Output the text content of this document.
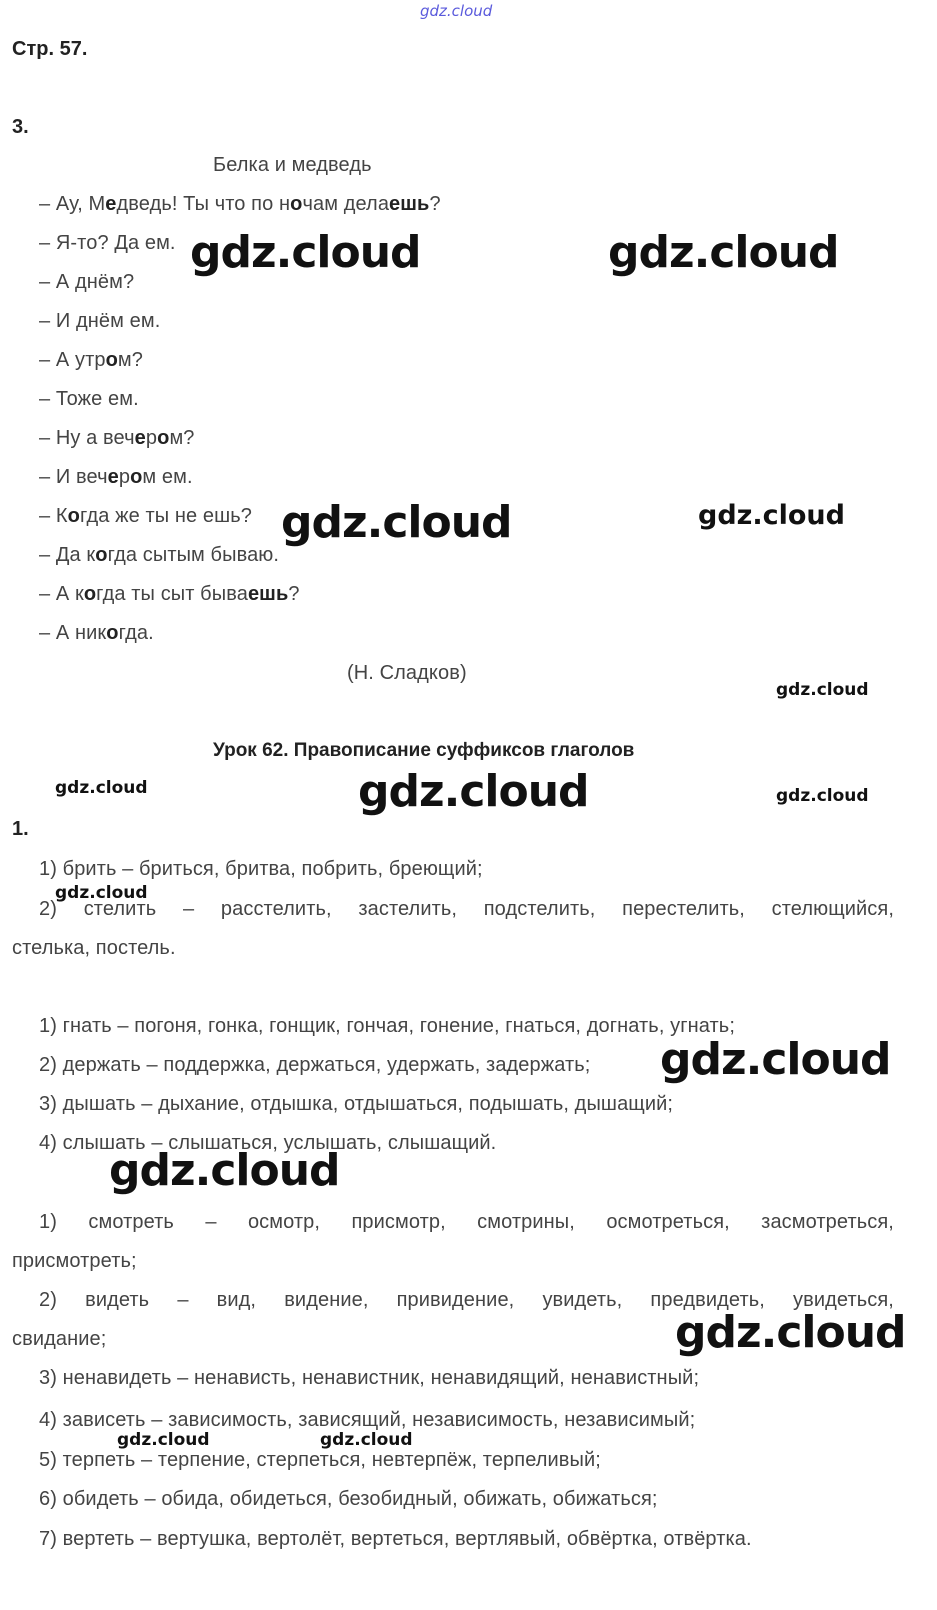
gdz.cloud
Стр. 57.
3.
Белка и медведь
– Ау, Медведь! Ты что по ночам делаешь?
– Я-то? Да ем.
– А днём?
– И днём ем.
– А утром?
– Тоже ем.
– Ну а вечером?
– И вечером ем.
– Когда же ты не ешь?
– Да когда сытым бываю.
– А когда ты сыт бываешь?
– А никогда.
(Н. Сладков)
Урок 62. Правописание суффиксов глаголов
1.
1) брить – бриться, бритва, побрить, бреющий;
2) стелить – расстелить, застелить, подстелить, перестелить, стелющийся,
стелька, постель.
1) гнать – погоня, гонка, гонщик, гончая, гонение, гнаться, догнать, угнать;
2) держать – поддержка, держаться, удержать, задержать;
3) дышать – дыхание, отдышка, отдышаться, подышать, дышащий;
4) слышать – слышаться, услышать, слышащий.
1) смотреть – осмотр, присмотр, смотрины, осмотреться, засмотреться,
присмотреть;
2) видеть – вид, видение, привидение, увидеть, предвидеть, увидеться,
свидание;
3) ненавидеть – ненависть, ненавистник, ненавидящий, ненавистный;
4) зависеть – зависимость, зависящий, независимость, независимый;
5) терпеть – терпение, стерпеться, невтерпёж, терпеливый;
6) обидеть – обида, обидеться, безобидный, обижать, обижаться;
7) вертеть – вертушка, вертолёт, вертеться, вертлявый, обвёртка, отвёртка.
gdz.cloud	gdz.cloud
gdz.cloud	gdz.cloud
gdz.cloud
gdz.cloud	gdz.cloud	gdz.cloud
gdz.cloud
gdz.cloud
gdz.cloud
gdz.cloud
gdz.cloud	gdz.cloud
